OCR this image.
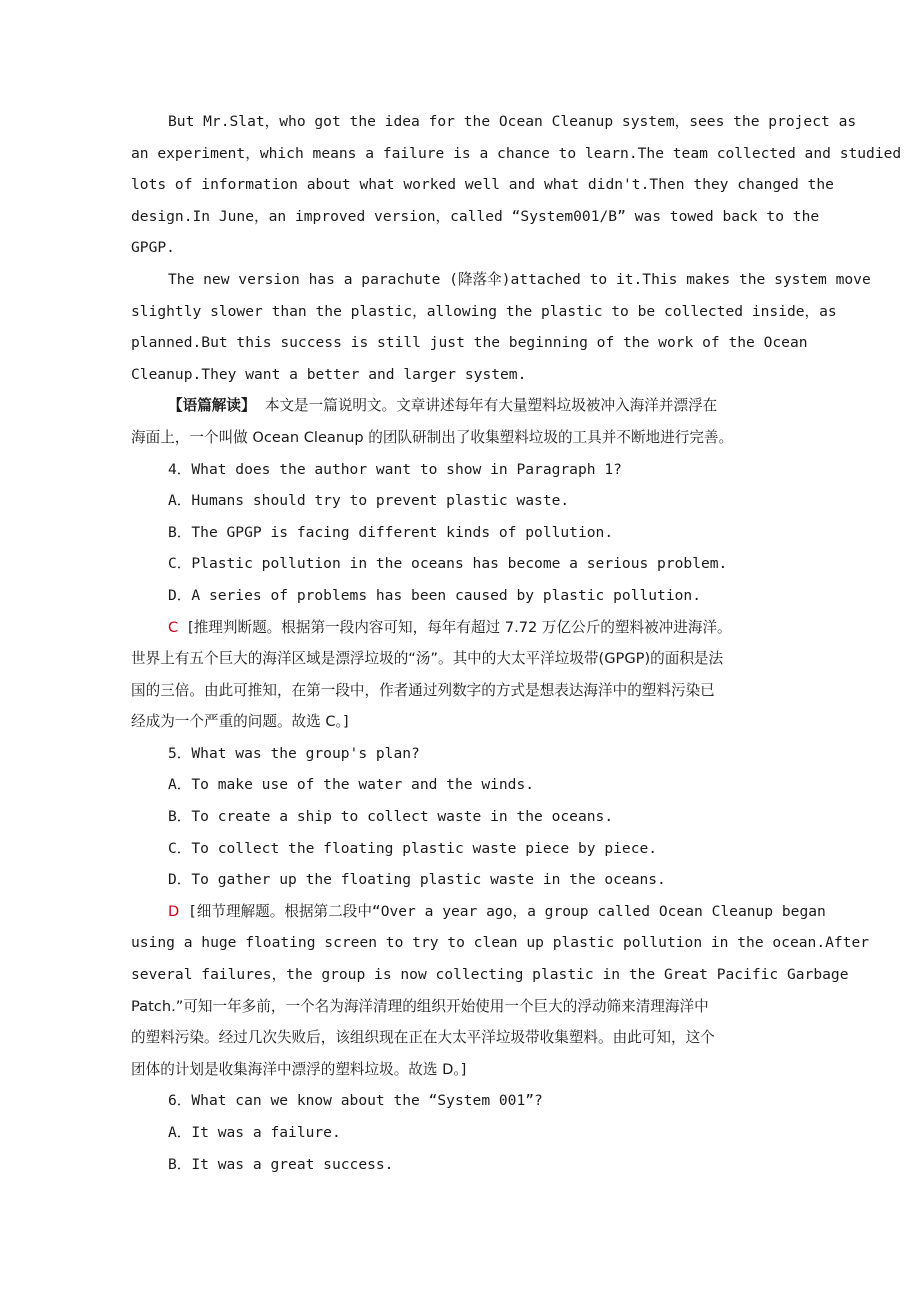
But Mr.Slat，who got the idea for the Ocean Cleanup system，sees the project as
an experiment，which means a failure is a chance to learn.The team collected and studied
lots of information about what worked well and what didn't.Then they changed the
design.In June，an improved version，called “System001/B” was towed back to the
GPGP.
The new version has a parachute (降落伞)attached to it.This makes the system move
slightly slower than the plastic，allowing the plastic to be collected inside，as
planned.But this success is still just the beginning of the work of the Ocean
Cleanup.They want a better and larger system.
【语篇解读】 本文是一篇说明文。文章讲述每年有大量塑料垃圾被冲入海洋并漂浮在
海面上，一个叫做 Ocean Cleanup 的团队研制出了收集塑料垃圾的工具并不断地进行完善。
4．What does the author want to show in Paragraph 1?
A．Humans should try to prevent plastic waste.
B．The GPGP is facing different kinds of pollution.
C．Plastic pollution in the oceans has become a serious problem.
D．A series of problems has been caused by plastic pollution.
C [推理判断题。根据第一段内容可知，每年有超过 7.72 万亿公斤的塑料被冲进海洋。
世界上有五个巨大的海洋区域是漂浮垃圾的“汤”。其中的大太平洋垃圾带(GPGP)的面积是法
国的三倍。由此可推知，在第一段中，作者通过列数字的方式是想表达海洋中的塑料污染已
经成为一个严重的问题。故选 C。]
5．What was the group's plan?
A．To make use of the water and the winds.
B．To create a ship to collect waste in the oceans.
C．To collect the floating plastic waste piece by piece.
D．To gather up the floating plastic waste in the oceans.
D [细节理解题。根据第二段中“Over a year ago，a group called Ocean Cleanup began
using a huge floating screen to try to clean up plastic pollution in the ocean.After
several failures，the group is now collecting plastic in the Great Pacific Garbage
Patch.”可知一年多前，一个名为海洋清理的组织开始使用一个巨大的浮动筛来清理海洋中
的塑料污染。经过几次失败后，该组织现在正在大太平洋垃圾带收集塑料。由此可知，这个
团体的计划是收集海洋中漂浮的塑料垃圾。故选 D。]
6．What can we know about the “System 001”?
A．It was a failure.
B．It was a great success.
